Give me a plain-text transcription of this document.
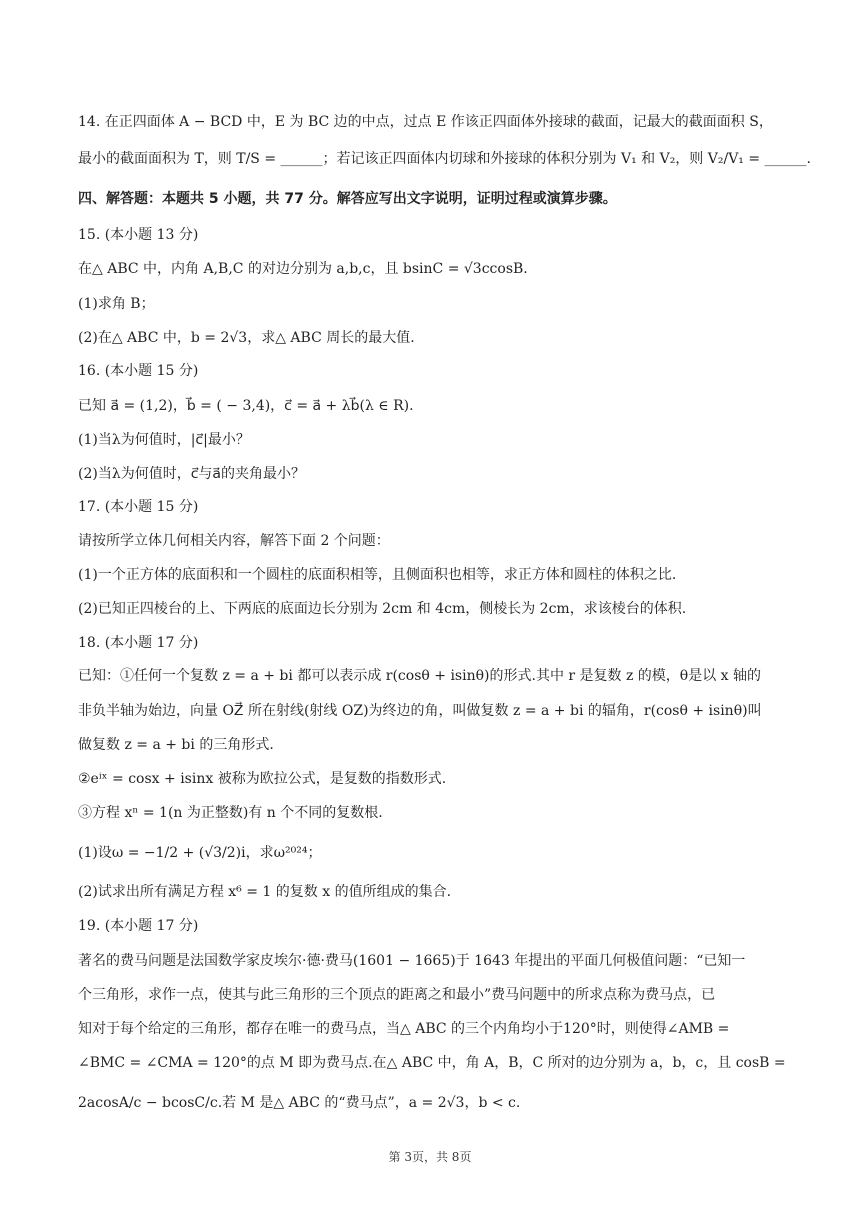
14. 在正四面体 A − BCD 中，E 为 BC 边的中点，过点 E 作该正四面体外接球的截面，记最大的截面面积 S，
最小的截面面积为 T，则 T/S = ______；若记该正四面体内切球和外接球的体积分别为 V₁ 和 V₂，则 V₂/V₁ = ______.
四、解答题：本题共 5 小题，共 77 分。解答应写出文字说明，证明过程或演算步骤。
15. (本小题 13 分)
在△ ABC 中，内角 A,B,C 的对边分别为 a,b,c，且 bsinC = √3ccosB.
(1)求角 B；
(2)在△ ABC 中，b = 2√3，求△ ABC 周长的最大值.
16. (本小题 15 分)
已知 a⃗ = (1,2)，b⃗ = ( − 3,4)，c⃗ = a⃗ + λb⃗(λ ∈ R).
(1)当λ为何值时，|c⃗|最小？
(2)当λ为何值时，c⃗与a⃗的夹角最小？
17. (本小题 15 分)
请按所学立体几何相关内容，解答下面 2 个问题：
(1)一个正方体的底面积和一个圆柱的底面积相等，且侧面积也相等，求正方体和圆柱的体积之比.
(2)已知正四棱台的上、下两底的底面边长分别为 2cm 和 4cm，侧棱长为 2cm，求该棱台的体积.
18. (本小题 17 分)
已知：①任何一个复数 z = a + bi 都可以表示成 r(cosθ + isinθ)的形式.其中 r 是复数 z 的模，θ是以 x 轴的
非负半轴为始边，向量 OZ⃗ 所在射线(射线 OZ)为终边的角，叫做复数 z = a + bi 的辐角，r(cosθ + isinθ)叫
做复数 z = a + bi 的三角形式.
②eⁱˣ = cosx + isinx 被称为欧拉公式，是复数的指数形式.
③方程 xⁿ = 1(n 为正整数)有 n 个不同的复数根.
(1)设ω = −1/2 + (√3/2)i，求ω²⁰²⁴；
(2)试求出所有满足方程 x⁶ = 1 的复数 x 的值所组成的集合.
19. (本小题 17 分)
著名的费马问题是法国数学家皮埃尔·德·费马(1601 − 1665)于 1643 年提出的平面几何极值问题：“已知一
个三角形，求作一点，使其与此三角形的三个顶点的距离之和最小”费马问题中的所求点称为费马点，已
知对于每个给定的三角形，都存在唯一的费马点，当△ ABC 的三个内角均小于120°时，则使得∠AMB =
∠BMC = ∠CMA = 120°的点 M 即为费马点.在△ ABC 中，角 A，B，C 所对的边分别为 a，b，c，且 cosB =
2acosA/c − bcosC/c.若 M 是△ ABC 的“费马点”，a = 2√3，b < c.
第 3页，共 8页
